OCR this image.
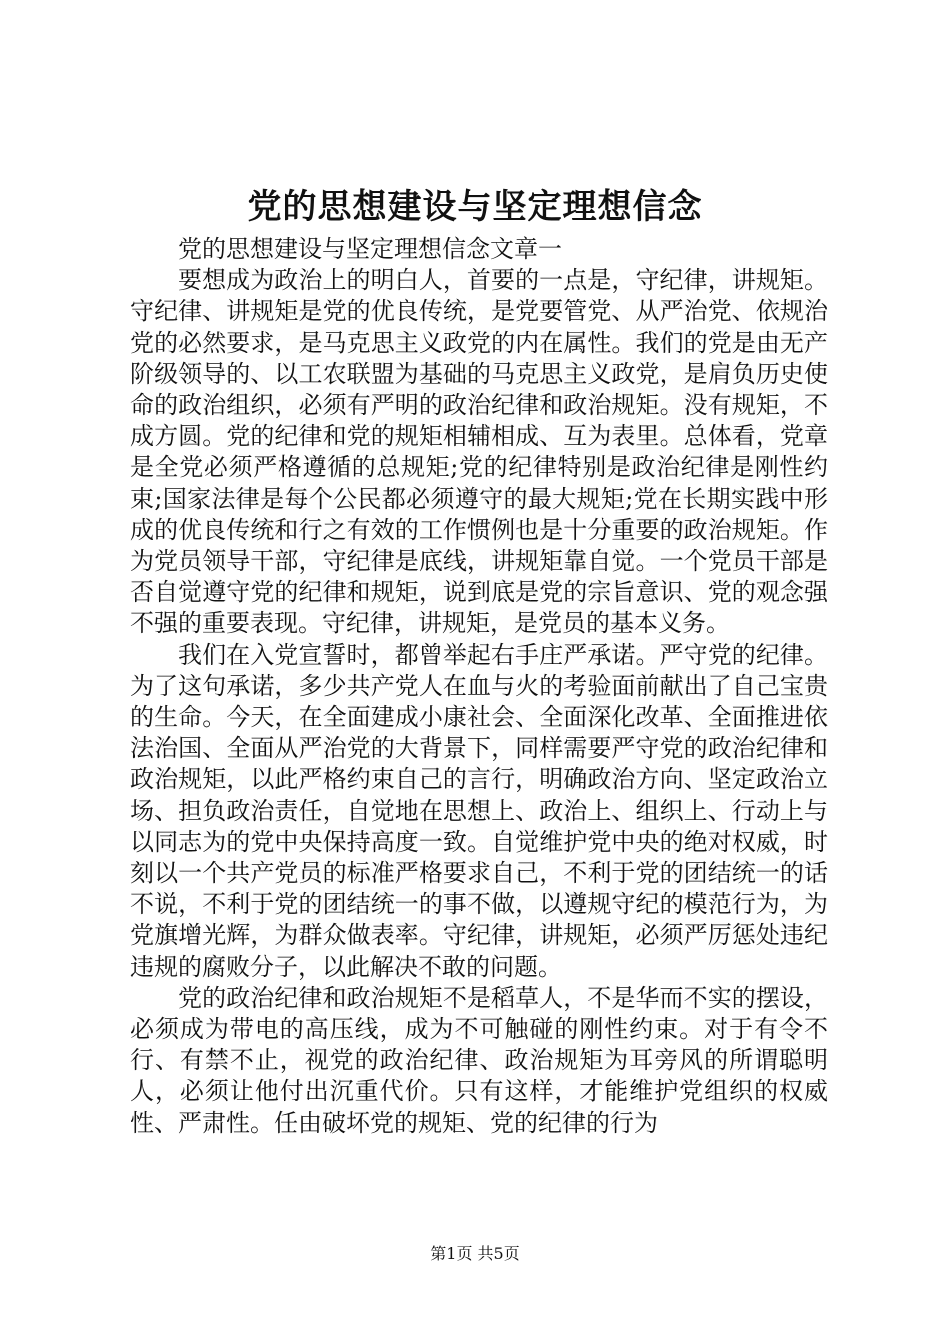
党的思想建设与坚定理想信念

党的思想建设与坚定理想信念文章一

要想成为政治上的明白人，首要的一点是，守纪律，讲规矩。守纪律、讲规矩是党的优良传统，是党要管党、从严治党、依规治党的必然要求，是马克思主义政党的内在属性。我们的党是由无产阶级领导的、以工农联盟为基础的马克思主义政党，是肩负历史使命的政治组织，必须有严明的政治纪律和政治规矩。没有规矩，不成方圆。党的纪律和党的规矩相辅相成、互为表里。总体看，党章是全党必须严格遵循的总规矩;党的纪律特别是政治纪律是刚性约束;国家法律是每个公民都必须遵守的最大规矩;党在长期实践中形成的优良传统和行之有效的工作惯例也是十分重要的政治规矩。作为党员领导干部，守纪律是底线，讲规矩靠自觉。一个党员干部是否自觉遵守党的纪律和规矩，说到底是党的宗旨意识、党的观念强不强的重要表现。守纪律，讲规矩，是党员的基本义务。

我们在入党宣誓时，都曾举起右手庄严承诺。严守党的纪律。为了这句承诺，多少共产党人在血与火的考验面前献出了自己宝贵的生命。今天，在全面建成小康社会、全面深化改革、全面推进依法治国、全面从严治党的大背景下，同样需要严守党的政治纪律和政治规矩，以此严格约束自己的言行，明确政治方向、坚定政治立场、担负政治责任，自觉地在思想上、政治上、组织上、行动上与以同志为的党中央保持高度一致。自觉维护党中央的绝对权威，时刻以一个共产党员的标准严格要求自己，不利于党的团结统一的话不说，不利于党的团结统一的事不做，以遵规守纪的模范行为，为党旗增光辉，为群众做表率。守纪律，讲规矩，必须严厉惩处违纪违规的腐败分子，以此解决不敢的问题。

党的政治纪律和政治规矩不是稻草人，不是华而不实的摆设，必须成为带电的高压线，成为不可触碰的刚性约束。对于有令不行、有禁不止，视党的政治纪律、政治规矩为耳旁风的所谓聪明人，必须让他付出沉重代价。只有这样，才能维护党组织的权威性、严肃性。任由破坏党的规矩、党的纪律的行为

第1页 共5页
